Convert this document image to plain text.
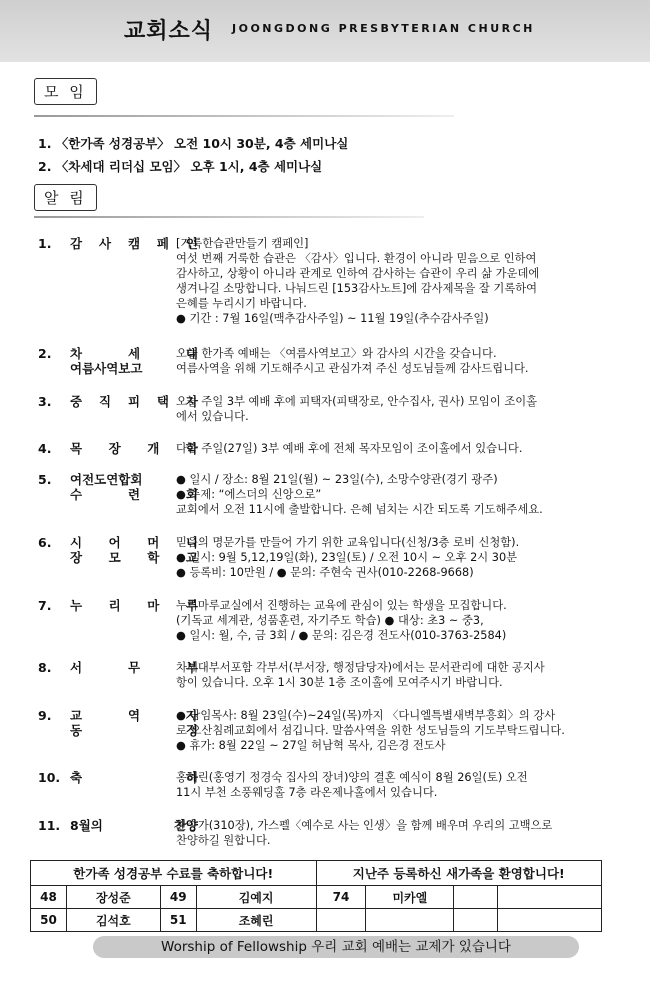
교회소식 JOONGDONG PRESBYTERIAN CHURCH
모 임
1. 〈한가족 성경공부〉 오전 10시 30분, 4층 세미나실
2. 〈차세대 리더십 모임〉 오후 1시, 4층 세미나실
알 림
1. 감 사 캠 페 인
[거룩한습관만들기 캠페인]
여섯 번째 거룩한 습관은 〈감사〉입니다. 환경이 아니라 믿음으로 인하여
감사하고, 상황이 아니라 관계로 인하여 감사하는 습관이 우리 삶 가운데에
생겨나길 소망합니다. 나눠드린 [153감사노트]에 감사제목을 잘 기록하여
은혜를 누리시기 바랍니다.
● 기간 : 7월 16일(맥추감사주일) ~ 11월 19일(추수감사주일)
2. 차 세 대
여름사역보고
오늘 한가족 예배는 〈여름사역보고〉와 감사의 시간을 갖습니다.
여름사역을 위해 기도해주시고 관심가져 주신 성도님들께 감사드립니다.
3. 중 직 피 택 자
오늘 주일 3부 예배 후에 피택자(피택장로, 안수집사, 권사) 모임이 조이홀
에서 있습니다.
4. 목 장 개 학
다음 주일(27일) 3부 예배 후에 전체 목자모임이 조이홀에서 있습니다.
5. 여전도연합회
수 련 회
● 일시 / 장소: 8월 21일(월) ~ 23일(수), 소망수양관(경기 광주)
● 주제: “에스더의 신앙으로”
교회에서 오전 11시에 출발합니다. 은혜 넘치는 시간 되도록 기도해주세요.
6. 시 어 머 니
장 모 학 교
믿음의 명문가를 만들어 가기 위한 교육입니다(신청/3층 로비 신청함).
● 일시: 9월 5,12,19일(화), 23일(토) / 오전 10시 ~ 오후 2시 30분
● 등록비: 10만원 / ● 문의: 주현숙 권사(010-2268-9668)
7. 누 리 마 루
누리마루교실에서 진행하는 교육에 관심이 있는 학생을 모집합니다.
(기독교 세계관, 성품훈련, 자기주도 학습) ● 대상: 초3 ~ 중3,
● 일시: 월, 수, 금 3회 / ● 문의: 김은경 전도사(010-3763-2584)
8. 서 무 부
차세대부서포함 각부서(부서장, 행정담당자)에서는 문서관리에 대한 공지사
항이 있습니다. 오후 1시 30분 1층 조이홀에 모여주시기 바랍니다.
9. 교 역 자
동 정
● 담임목사: 8월 23일(수)~24일(목)까지 〈다니엘특별새벽부흥회〉의 강사
로 오산침례교회에서 섬깁니다. 말씀사역을 위한 성도님들의 기도부탁드립니다.
● 휴가: 8월 22일 ~ 27일 허남혁 목사, 김은경 전도사
10. 축 하
홍혜린(홍영기 정경숙 집사의 장녀)양의 결혼 예식이 8월 26일(토) 오전
11시 부천 소풍웨딩홀 7층 라온제나홀에서 있습니다.
11. 8월의 찬양
찬송가(310장), 가스펠〈예수로 사는 인생〉을 함께 배우며 우리의 고백으로
찬양하길 원합니다.
한가족 성경공부 수료를 축하합니다!				지난주 등록하신 새가족을 환영합니다!			
48	장성준	49	김예지	74	미카엘		
50	김석호	51	조혜린				
Worship of Fellowship 우리 교회 예배는 교제가 있습니다
